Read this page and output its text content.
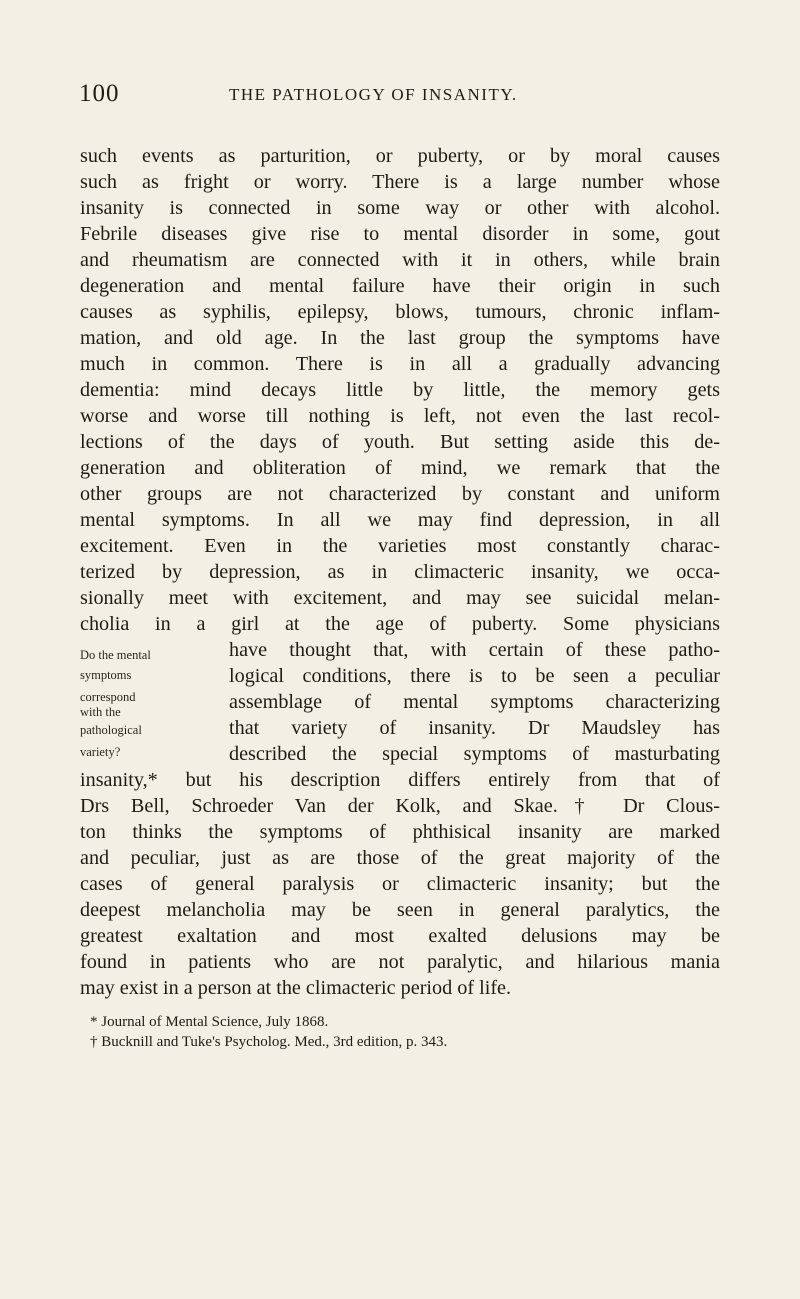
100	THE PATHOLOGY OF INSANITY.
such events as parturition, or puberty, or by moral causes
such as fright or worry. There is a large number whose
insanity is connected in some way or other with alcohol.
Febrile diseases give rise to mental disorder in some, gout
and rheumatism are connected with it in others, while brain
degeneration and mental failure have their origin in such
causes as syphilis, epilepsy, blows, tumours, chronic inflam-
mation, and old age. In the last group the symptoms have
much in common. There is in all a gradually advancing
dementia: mind decays little by little, the memory gets
worse and worse till nothing is left, not even the last recol-
lections of the days of youth. But setting aside this de-
generation and obliteration of mind, we remark that the
other groups are not characterized by constant and uniform
mental symptoms. In all we may find depression, in all
excitement. Even in the varieties most constantly charac-
terized by depression, as in climacteric insanity, we occa-
sionally meet with excitement, and may see suicidal melan-
cholia in a girl at the age of puberty. Some physicians
have thought that, with certain of these patho-
logical conditions, there is to be seen a peculiar
assemblage of mental symptoms characterizing
that variety of insanity. Dr Maudsley has
described the special symptoms of masturbating
insanity,* but his description differs entirely from that of
Drs Bell, Schroeder Van der Kolk, and Skae.† Dr Clous-
ton thinks the symptoms of phthisical insanity are marked
and peculiar, just as are those of the great majority of the
cases of general paralysis or climacteric insanity; but the
deepest melancholia may be seen in general paralytics, the
greatest exaltation and most exalted delusions may be
found in patients who are not paralytic, and hilarious mania
may exist in a person at the climacteric period of life.
Do the mental
symptoms
correspond
with the
pathological
variety?
* Journal of Mental Science, July 1868.
† Bucknill and Tuke's Psycholog. Med., 3rd edition, p. 343.
